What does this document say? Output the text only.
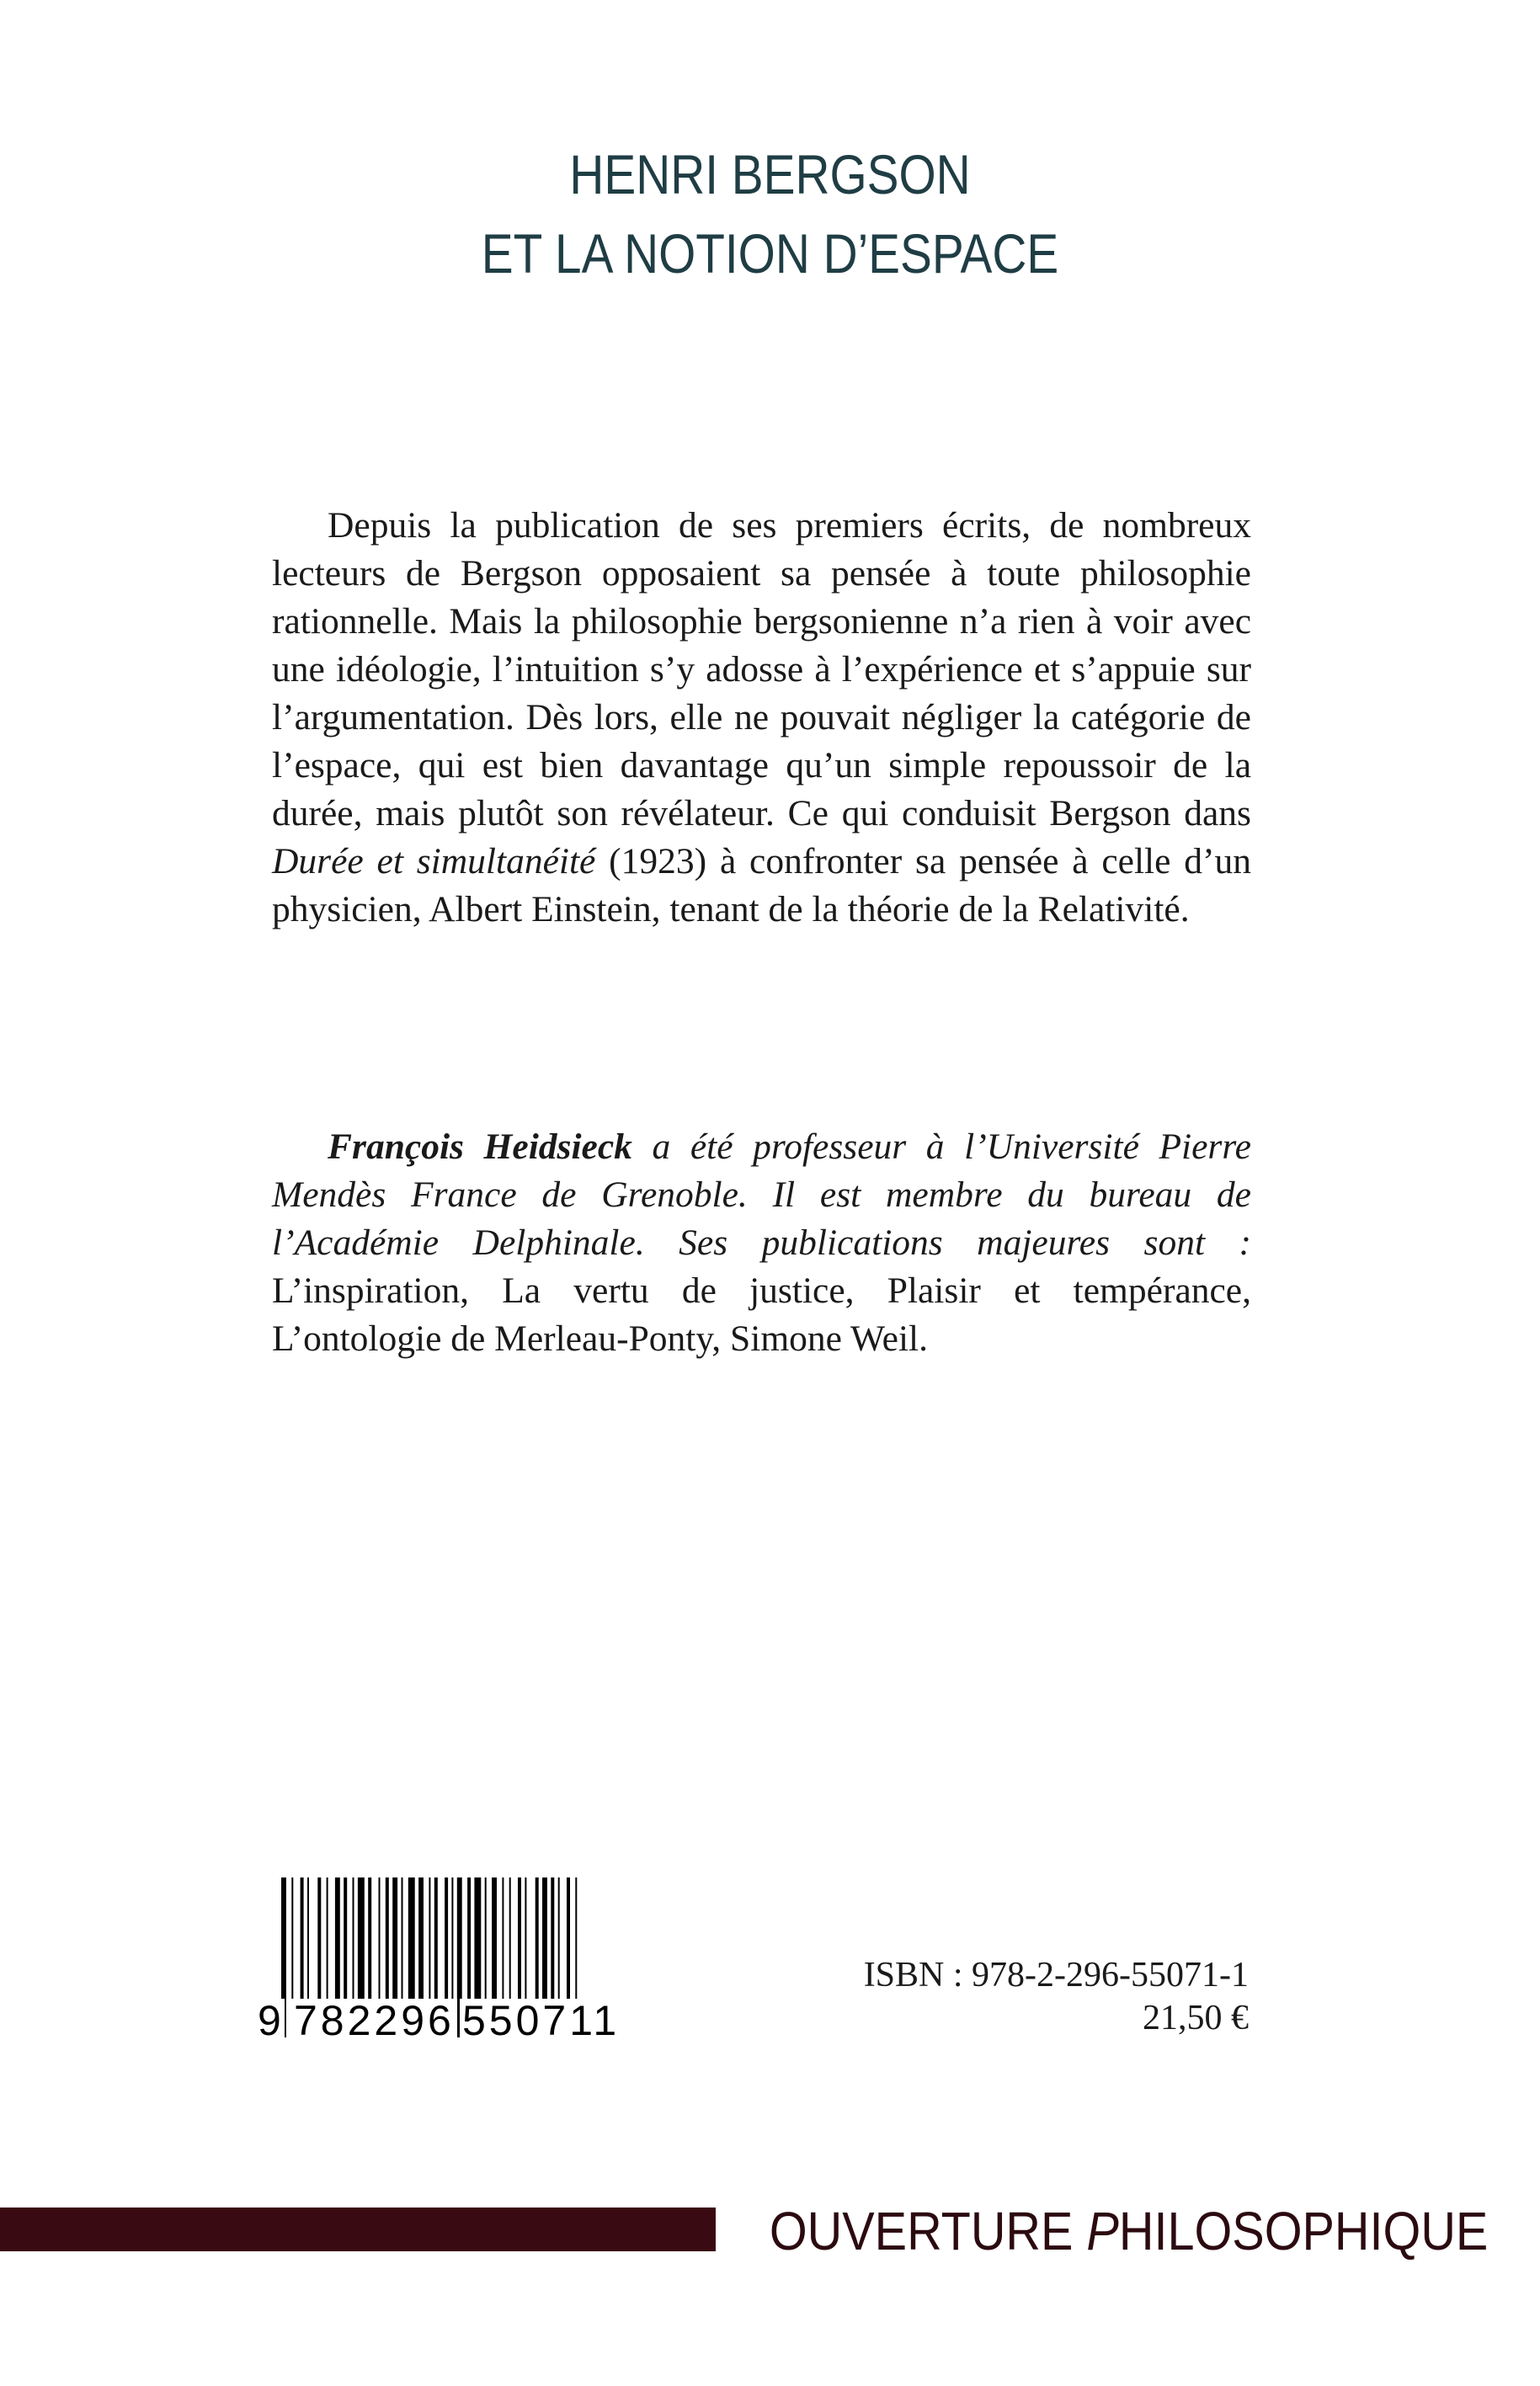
HENRI BERGSON
ET LA NOTION D’ESPACE

Depuis la publication de ses premiers écrits, de nombreux lecteurs de Bergson opposaient sa pensée à toute philosophie rationnelle. Mais la philosophie bergsonienne n’a rien à voir avec une idéologie, l’intuition s’y adosse à l’expérience et s’appuie sur l’argumentation. Dès lors, elle ne pouvait négliger la catégorie de l’espace, qui est bien davantage qu’un simple repoussoir de la durée, mais plutôt son révélateur. Ce qui conduisit Bergson dans Durée et simultanéité (1923) à confronter sa pensée à celle d’un physicien, Albert Einstein, tenant de la théorie de la Relativité.

François Heidsieck a été professeur à l’Université Pierre Mendès France de Grenoble. Il est membre du bureau de l’Académie Delphinale. Ses publications majeures sont : L’inspiration, La vertu de justice, Plaisir et tempérance, L’ontologie de Merleau-Ponty, Simone Weil.

9 782296 550711
ISBN : 978-2-296-55071-1
21,50 €
OUVERTURE PHILOSOPHIQUE
